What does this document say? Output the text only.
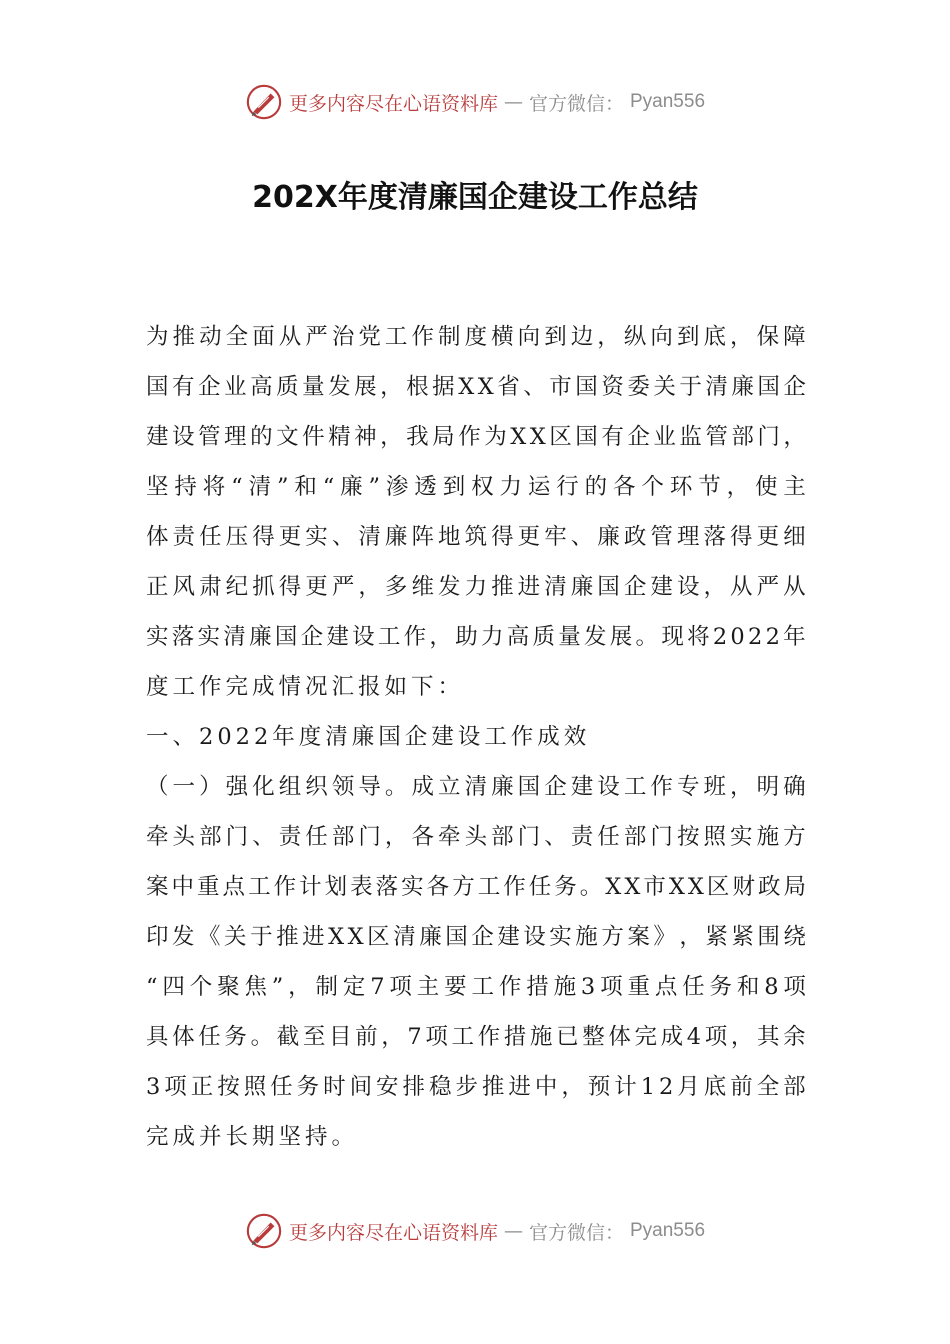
更多内容尽在心语资料库 — 官方微信： Pyan556
202X年度清廉国企建设工作总结
为 推 动 全 面 从 严 治 党 工 作 制 度 横 向 到 边 ， 纵 向 到 底 ， 保 障
国 有 企 业 高 质 量 发 展 ， 根 据 X X 省 、 市 国 资 委 关 于 清 廉 国 企
建 设 管 理 的 文 件 精 神 ， 我 局 作 为 X X 区 国 有 企 业 监 管 部 门 ，
坚 持 将 “ 清 ” 和 “ 廉 ” 渗 透 到 权 力 运 行 的 各 个 环 节 ， 使 主
体 责 任 压 得 更 实 、 清 廉 阵 地 筑 得 更 牢 、 廉 政 管 理 落 得 更 细
正 风 肃 纪 抓 得 更 严 ， 多 维 发 力 推 进 清 廉 国 企 建 设 ， 从 严 从
实 落 实 清 廉 国 企 建 设 工 作 ， 助 力 高 质 量 发 展 。 现 将 2 0 2 2 年
度工作完成情况汇报如下：
一、2022年度清廉国企建设工作成效
（ 一 ） 强 化 组 织 领 导 。 成 立 清 廉 国 企 建 设 工 作 专 班 ， 明 确
牵 头 部 门 、 责 任 部 门 ， 各 牵 头 部 门 、 责 任 部 门 按 照 实 施 方
案 中 重 点 工 作 计 划 表 落 实 各 方 工 作 任 务 。 X X 市 X X 区 财 政 局
印 发 《 关 于 推 进 X X 区 清 廉 国 企 建 设 实 施 方 案 》 ， 紧 紧 围 绕
“ 四 个 聚 焦 ” ， 制 定 7 项 主 要 工 作 措 施 3 项 重 点 任 务 和 8 项
具 体 任 务 。 截 至 目 前 ， 7 项 工 作 措 施 已 整 体 完 成 4 项 ， 其 余
3 项 正 按 照 任 务 时 间 安 排 稳 步 推 进 中 ， 预 计 1 2 月 底 前 全 部
完成并长期坚持。
更多内容尽在心语资料库 — 官方微信： Pyan556
